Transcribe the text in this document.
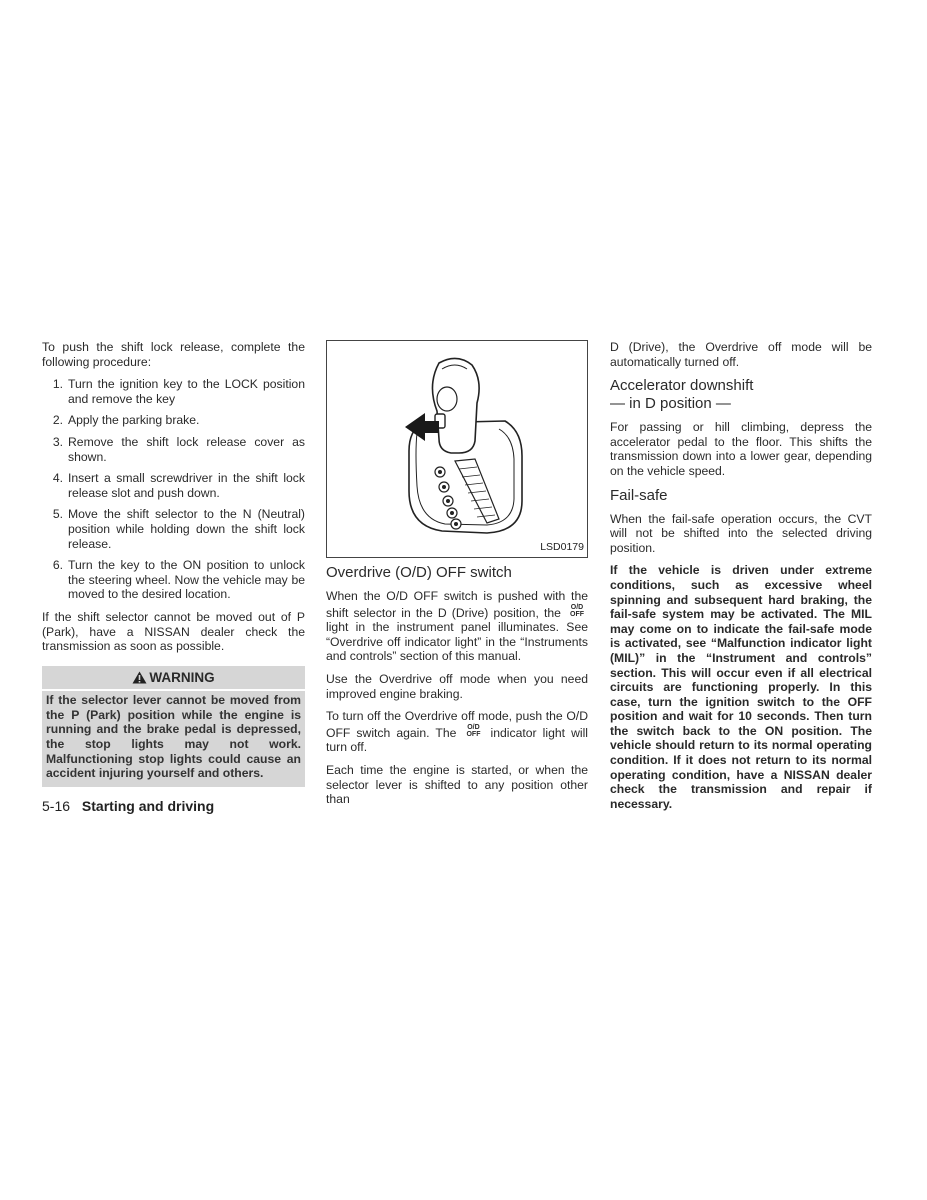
To push the shift lock release, complete the following procedure:

1. Turn the ignition key to the LOCK position and remove the key
2. Apply the parking brake.
3. Remove the shift lock release cover as shown.
4. Insert a small screwdriver in the shift lock release slot and push down.
5. Move the shift selector to the N (Neutral) position while holding down the shift lock release.
6. Turn the key to the ON position to unlock the steering wheel. Now the vehicle may be moved to the desired location.

If the shift selector cannot be moved out of P (Park), have a NISSAN dealer check the transmission as soon as possible.

WARNING
If the selector lever cannot be moved from the P (Park) position while the engine is running and the brake pedal is depressed, the stop lights may not work. Malfunctioning stop lights could cause an accident injuring yourself and others.
5-16 Starting and driving
LSD0179
Overdrive (O/D) OFF switch

When the O/D OFF switch is pushed with the shift selector in the D (Drive) position, the O/D
OFF light in the instrument panel illuminates. See “Overdrive off indicator light” in the “Instruments and controls” section of this manual.

Use the Overdrive off mode when you need improved engine braking.

To turn off the Overdrive off mode, push the O/D OFF switch again. The O/D
OFF indicator light will turn off.

Each time the engine is started, or when the selector lever is shifted to any position other than

D (Drive), the Overdrive off mode will be automatically turned off.

Accelerator downshift
— in D position —

For passing or hill climbing, depress the accelerator pedal to the floor. This shifts the transmission down into a lower gear, depending on the vehicle speed.

Fail-safe

When the fail-safe operation occurs, the CVT will not be shifted into the selected driving position.

If the vehicle is driven under extreme conditions, such as excessive wheel spinning and subsequent hard braking, the fail-safe system may be activated. The MIL may come on to indicate the fail-safe mode is activated, see “Malfunction indicator light (MIL)” in the “Instrument and controls” section. This will occur even if all electrical circuits are functioning properly. In this case, turn the ignition switch to the OFF position and wait for 10 seconds. Then turn the switch back to the ON position. The vehicle should return to its normal operating condition. If it does not return to its normal operating condition, have a NISSAN dealer check the transmission and repair if necessary.
